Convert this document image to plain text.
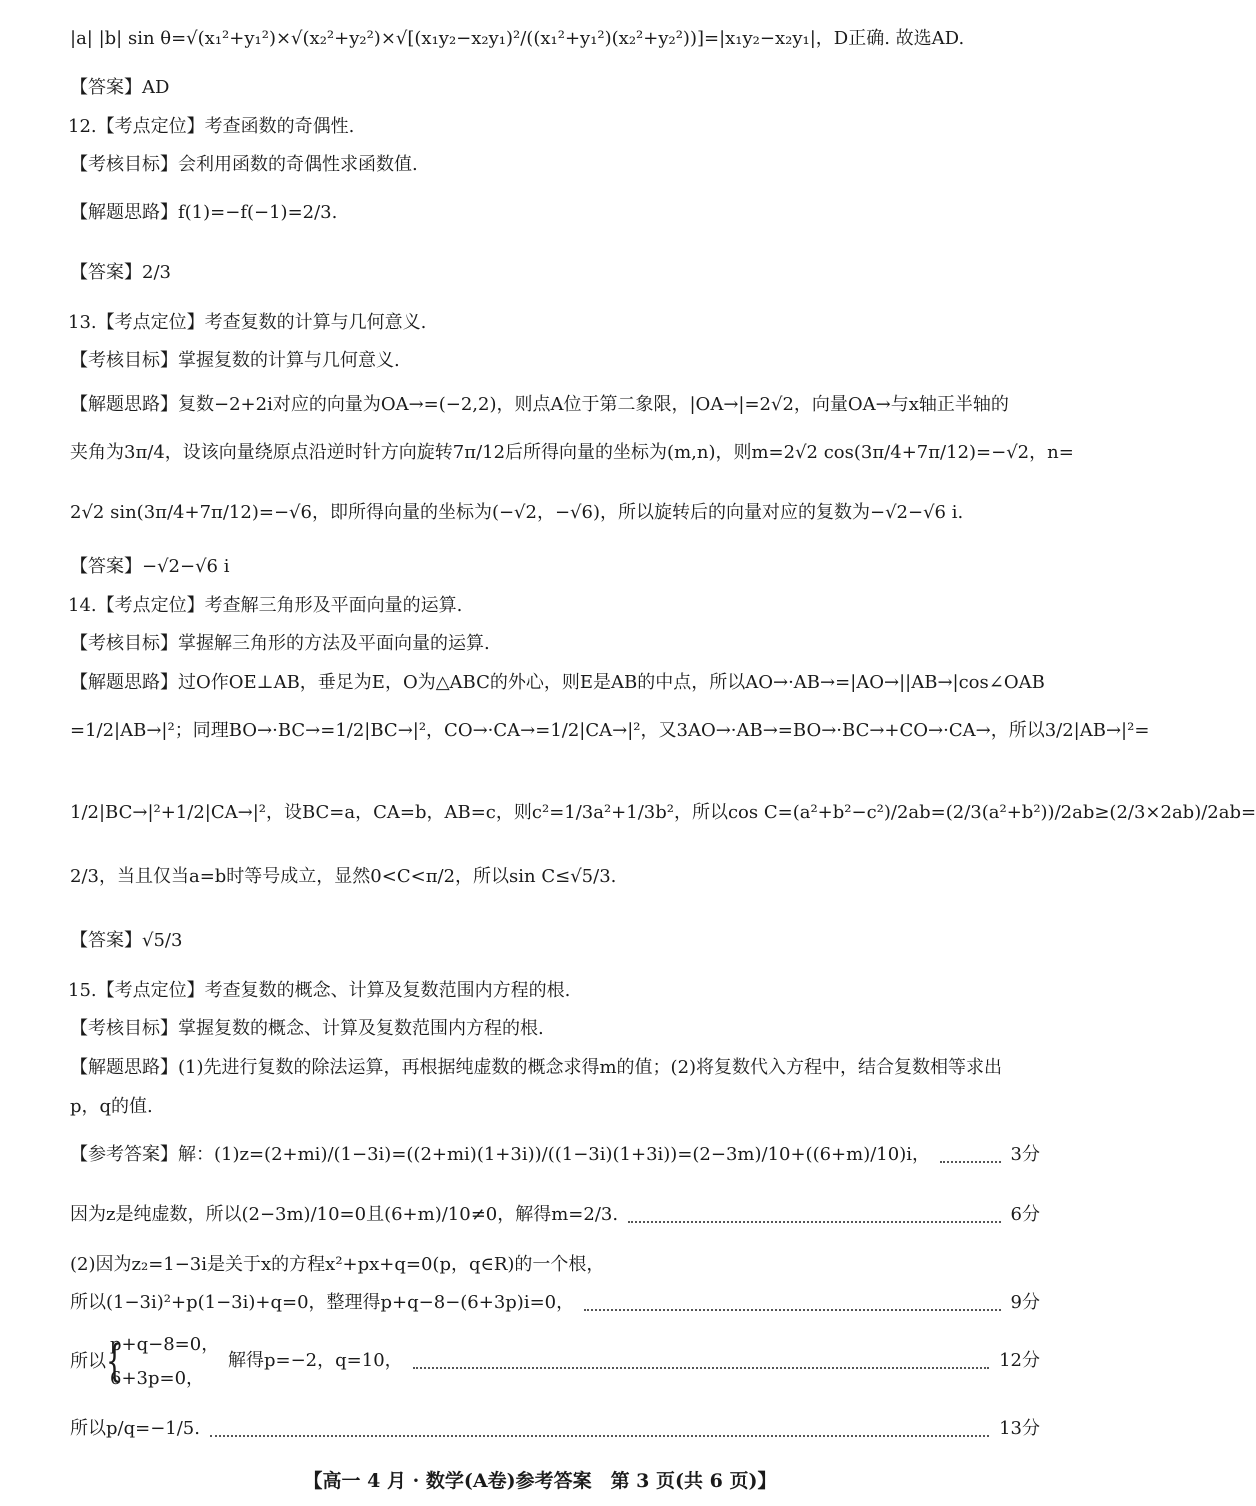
|a| |b| sin θ=√(x₁²+y₁²)×√(x₂²+y₂²)×√[(x₁y₂−x₂y₁)²/((x₁²+y₁²)(x₂²+y₂²))]=|x₁y₂−x₂y₁|，D正确. 故选AD.
【答案】AD
12.【考点定位】考查函数的奇偶性.
【考核目标】会利用函数的奇偶性求函数值.
【解题思路】f(1)=−f(−1)=2/3.
【答案】2/3
13.【考点定位】考查复数的计算与几何意义.
【考核目标】掌握复数的计算与几何意义.
【解题思路】复数−2+2i对应的向量为OA→=(−2,2)，则点A位于第二象限，|OA→|=2√2，向量OA→与x轴正半轴的
夹角为3π/4，设该向量绕原点沿逆时针方向旋转7π/12后所得向量的坐标为(m,n)，则m=2√2 cos(3π/4+7π/12)=−√2，n=
2√2 sin(3π/4+7π/12)=−√6，即所得向量的坐标为(−√2，−√6)，所以旋转后的向量对应的复数为−√2−√6 i.
【答案】−√2−√6 i
14.【考点定位】考查解三角形及平面向量的运算.
【考核目标】掌握解三角形的方法及平面向量的运算.
【解题思路】过O作OE⊥AB，垂足为E，O为△ABC的外心，则E是AB的中点，所以AO→·AB→=|AO→||AB→|cos∠OAB
=1/2|AB→|²；同理BO→·BC→=1/2|BC→|²，CO→·CA→=1/2|CA→|²，又3AO→·AB→=BO→·BC→+CO→·CA→，所以3/2|AB→|²=
1/2|BC→|²+1/2|CA→|²，设BC=a，CA=b，AB=c，则c²=1/3a²+1/3b²，所以cos C=(a²+b²−c²)/2ab=(2/3(a²+b²))/2ab≥(2/3×2ab)/2ab=
2/3，当且仅当a=b时等号成立，显然0<C<π/2，所以sin C≤√5/3.
【答案】√5/3
15.【考点定位】考查复数的概念、计算及复数范围内方程的根.
【考核目标】掌握复数的概念、计算及复数范围内方程的根.
【解题思路】(1)先进行复数的除法运算，再根据纯虚数的概念求得m的值；(2)将复数代入方程中，结合复数相等求出
p，q的值.
【参考答案】解：(1)z=(2+mi)/(1−3i)=((2+mi)(1+3i))/((1−3i)(1+3i))=(2−3m)/10+((6+m)/10)i，	3分
因为z是纯虚数，所以(2−3m)/10=0且(6+m)/10≠0，解得m=2/3.	6分
(2)因为z₂=1−3i是关于x的方程x²+px+q=0(p，q∈R)的一个根，
所以(1−3i)²+p(1−3i)+q=0，整理得p+q−8−(6+3p)i=0，	9分
所以 {
p+q−8=0，
6+3p=0，
解得p=−2，q=10，	12分
所以p/q=−1/5.	13分
【高一 4 月 · 数学(A卷)参考答案　第 3 页(共 6 页)】
